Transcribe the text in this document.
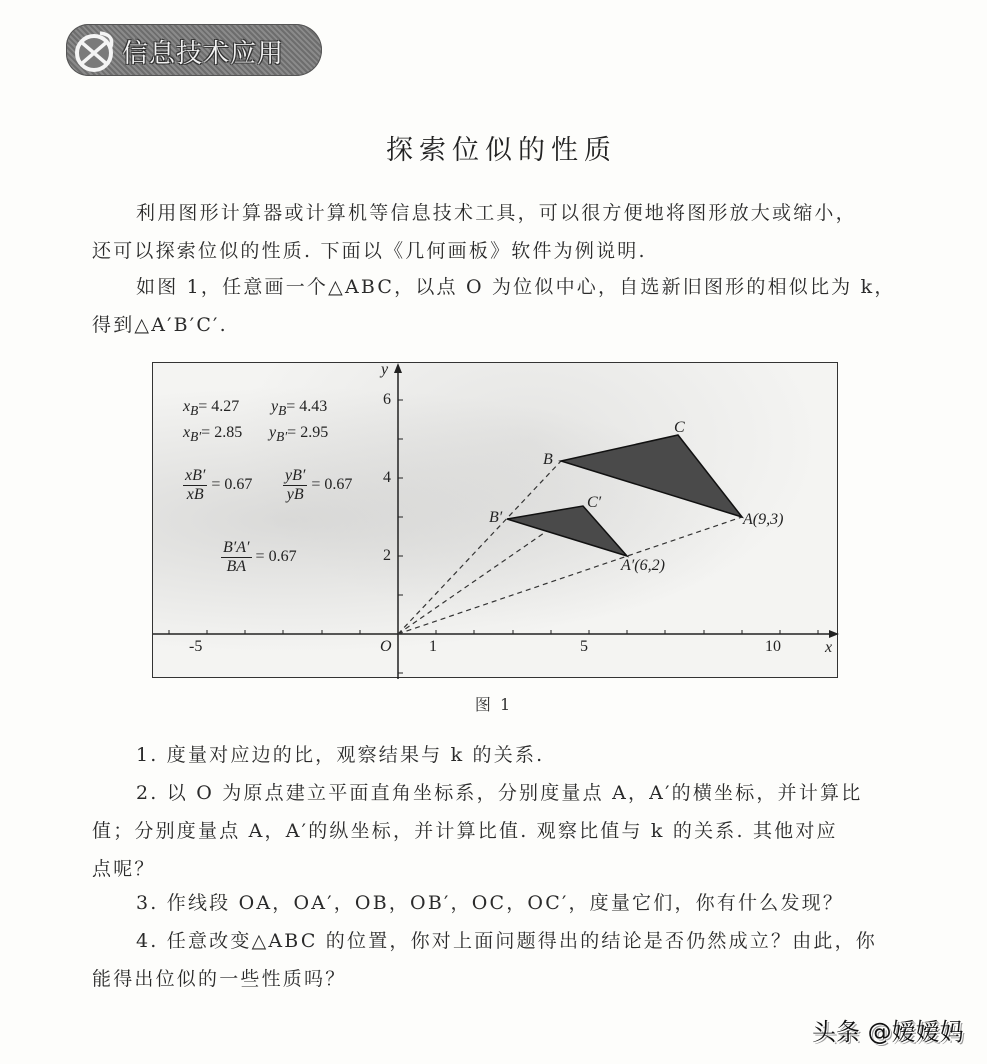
信息技术应用
探索位似的性质
利用图形计算器或计算机等信息技术工具，可以很方便地将图形放大或缩小，
还可以探索位似的性质. 下面以《几何画板》软件为例说明.
如图 1，任意画一个△ABC，以点 O 为位似中心，自选新旧图形的相似比为 k，
得到△A′B′C′.
y
x
O
-5	1	5	10
2
4
6
A(9,3)
A′(6,2)
B
B′
C
C′
$x_B= 4.27$ $y_B= 4.43$
$x_{B'}= 2.85$ $y_{B'}= 2.95$
$\frac{xB'}{xB} = 0.67 \frac{yB'}{yB} = 0.67$
$\frac{B'A'}{BA} = 0.67$
图 1
1. 度量对应边的比，观察结果与 k 的关系.
2. 以 O 为原点建立平面直角坐标系，分别度量点 A，A′的横坐标，并计算比
值；分别度量点 A，A′的纵坐标，并计算比值. 观察比值与 k 的关系. 其他对应
点呢？
3. 作线段 OA，OA′，OB，OB′，OC，OC′，度量它们，你有什么发现？
4. 任意改变△ABC 的位置，你对上面问题得出的结论是否仍然成立？由此，你
能得出位似的一些性质吗？
头条 @嫒嫒妈
